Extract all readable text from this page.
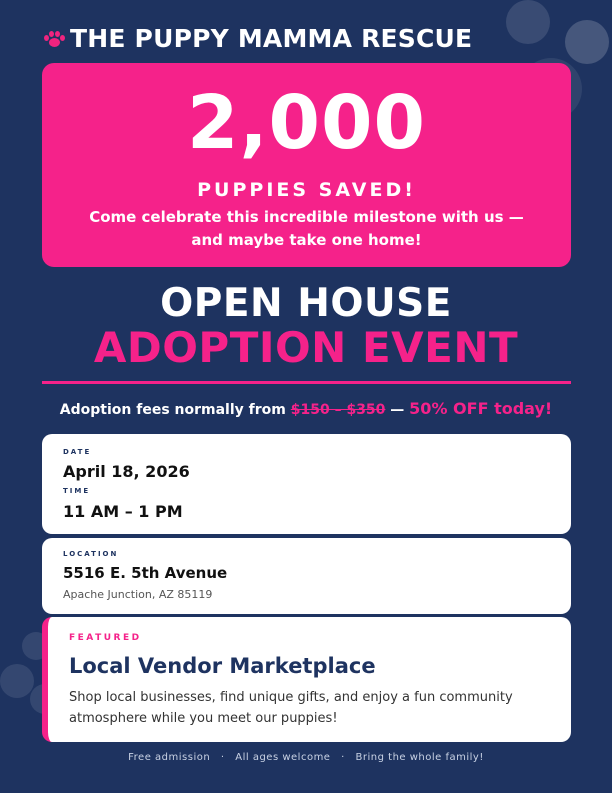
THE PUPPY MAMMA RESCUE
2,000
PUPPIES SAVED!
Come celebrate this incredible milestone with us — and maybe take one home!
OPEN HOUSE
ADOPTION EVENT
Adoption fees normally from $150 – $350 — 50% OFF today!
DATE
April 18, 2026
TIME
11 AM – 1 PM
LOCATION
5516 E. 5th Avenue
Apache Junction, AZ 85119
FEATURED
Local Vendor Marketplace
Shop local businesses, find unique gifts, and enjoy a fun community atmosphere while you meet our puppies!
Free admission · All ages welcome · Bring the whole family!
